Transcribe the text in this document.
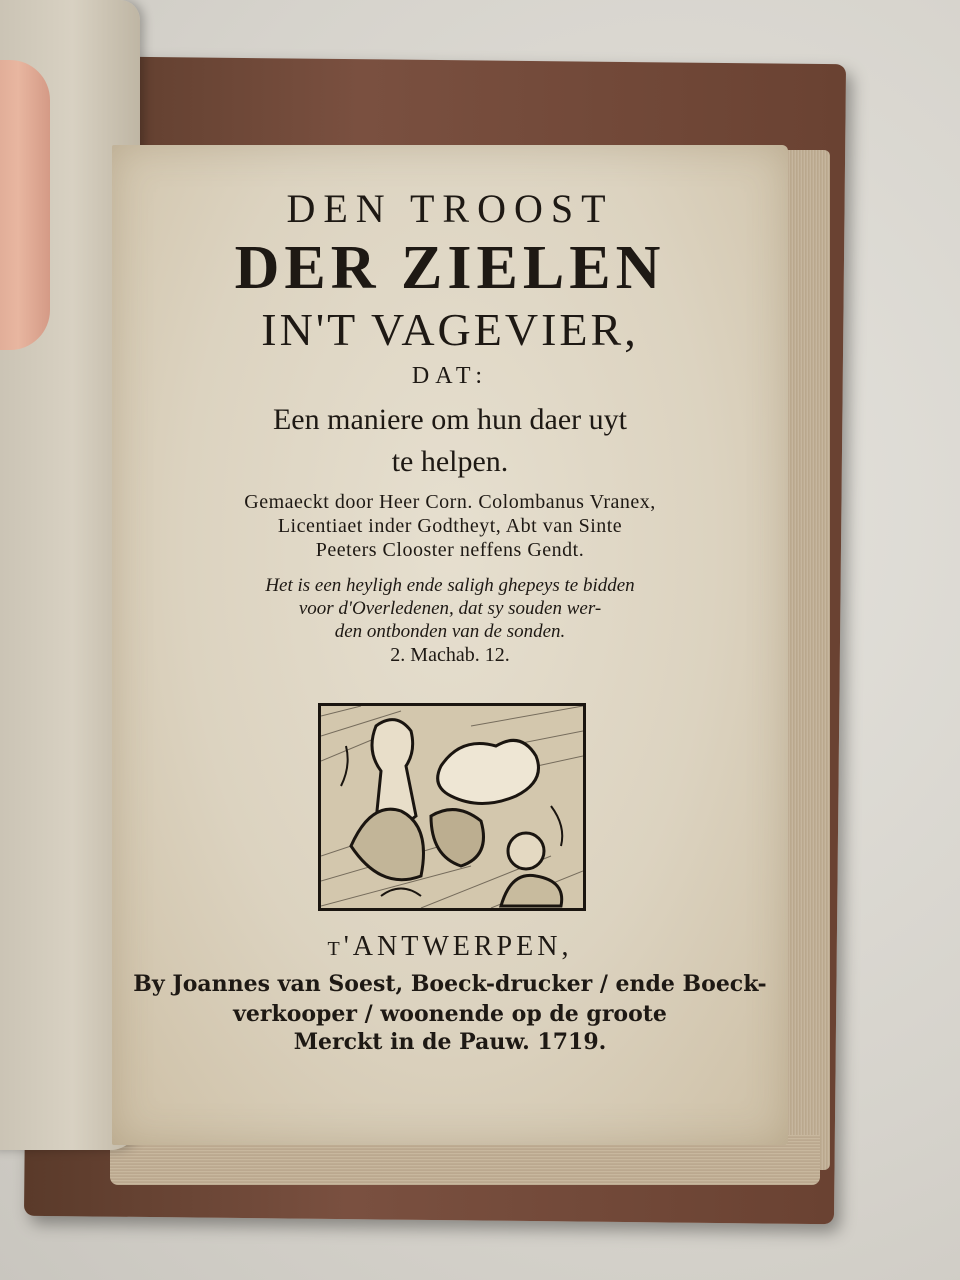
DEN TROOST
DER ZIELEN
IN'T VAGEVIER,
DAT:
Een maniere om hun daer uyt
te helpen.
Gemaeckt door Heer Corn. Colombanus Vranex,
Licentiaet inder Godtheyt, Abt van Sinte
Peeters Clooster neffens Gendt.
Het is een heyligh ende saligh ghepeys te bidden
voor d'Overledenen, dat sy souden wer-
den ontbonden van de sonden.
2. Machab. 12.
t'ANTWERPEN,
By Joannes van Soest, Boeck-drucker / ende Boeck-
verkooper / woonende op de groote
Merckt in de Pauw. 1719.
